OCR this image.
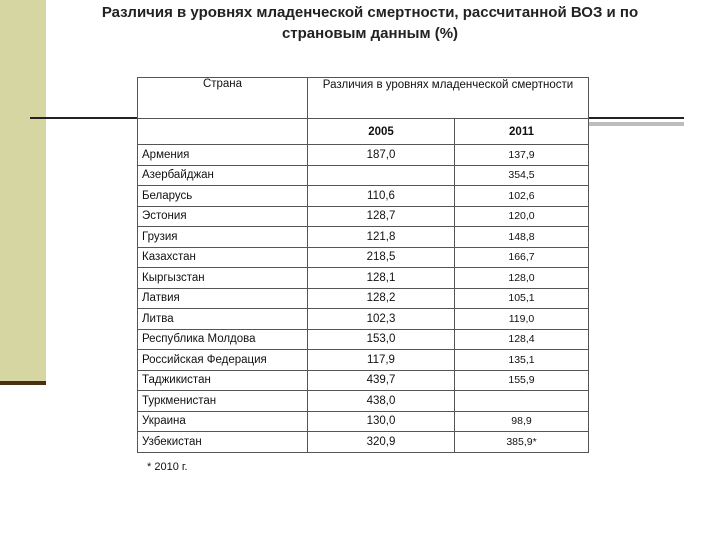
Различия в уровнях младенческой смертности, рассчитанной ВОЗ и по страновым данным (%)
Страна	Различия в уровнях младенческой смертности	
	2005	2011
Армения	187,0	137,9
Азербайджан		354,5
Беларусь	110,6	102,6
Эстония	128,7	120,0
Грузия	121,8	148,8
Казахстан	218,5	166,7
Кыргызстан	128,1	128,0
Латвия	128,2	105,1
Литва	102,3	119,0
Республика Молдова	153,0	128,4
Российская Федерация	117,9	135,1
Таджикистан	439,7	155,9
Туркменистан	438,0	
Украина	130,0	98,9
Узбекистан	320,9	385,9*
* 2010 г.
